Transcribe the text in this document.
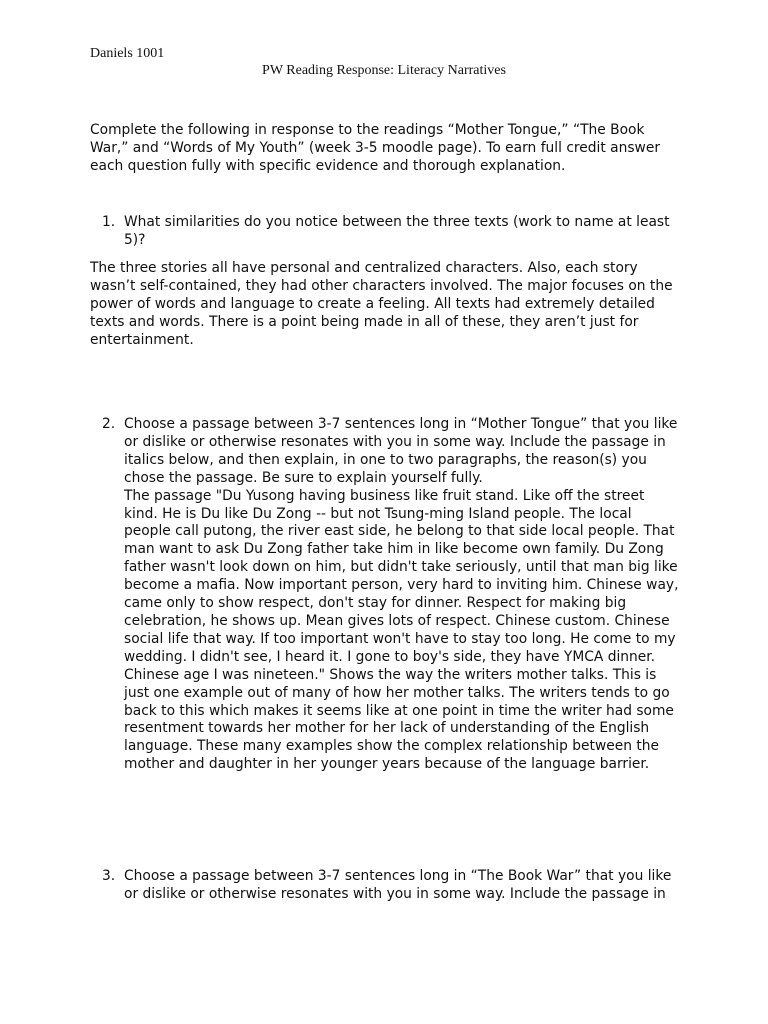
Daniels 1001
PW Reading Response: Literacy Narratives

Complete the following in response to the readings “Mother Tongue,” “The Book War,” and “Words of My Youth” (week 3-5 moodle page). To earn full credit answer each question fully with specific evidence and thorough explanation.

1. What similarities do you notice between the three texts (work to name at least 5)?

The three stories all have personal and centralized characters. Also, each story wasn’t self-contained, they had other characters involved. The major focuses on the power of words and language to create a feeling. All texts had extremely detailed texts and words. There is a point being made in all of these, they aren’t just for entertainment.

2. Choose a passage between 3-7 sentences long in “Mother Tongue” that you like or dislike or otherwise resonates with you in some way. Include the passage in italics below, and then explain, in one to two paragraphs, the reason(s) you chose the passage. Be sure to explain yourself fully.

The passage "Du Yusong having business like fruit stand. Like off the street kind. He is Du like Du Zong -- but not Tsung-ming Island people. The local people call putong, the river east side, he belong to that side local people. That man want to ask Du Zong father take him in like become own family. Du Zong father wasn't look down on him, but didn't take seriously, until that man big like become a mafia. Now important person, very hard to inviting him. Chinese way, came only to show respect, don't stay for dinner. Respect for making big celebration, he shows up. Mean gives lots of respect. Chinese custom. Chinese social life that way. If too important won't have to stay too long. He come to my wedding. I didn't see, I heard it. I gone to boy's side, they have YMCA dinner. Chinese age I was nineteen." Shows the way the writers mother talks. This is just one example out of many of how her mother talks. The writers tends to go back to this which makes it seems like at one point in time the writer had some resentment towards her mother for her lack of understanding of the English language. These many examples show the complex relationship between the mother and daughter in her younger years because of the language barrier.

3. Choose a passage between 3-7 sentences long in “The Book War” that you like or dislike or otherwise resonates with you in some way. Include the passage in
